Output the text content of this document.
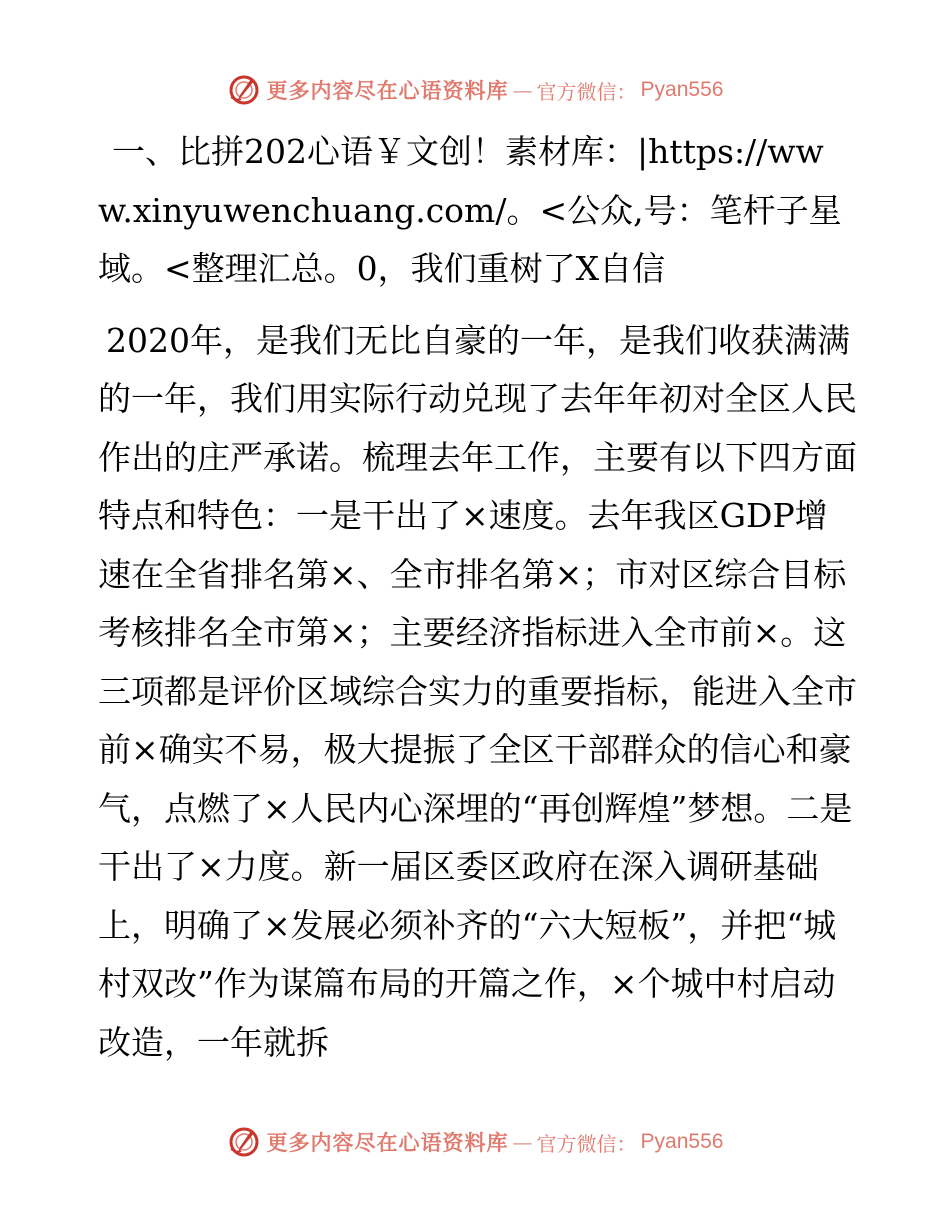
更多内容尽在心语资料库 — 官方微信： Pyan556

一、比拼202心语￥文创！素材库：|https://www.xinyuwenchuang.com/。<公众,号：笔杆子星域。<整理汇总。0，我们重树了X自信

2020年，是我们无比自豪的一年，是我们收获满满的一年，我们用实际行动兑现了去年年初对全区人民作出的庄严承诺。梳理去年工作，主要有以下四方面特点和特色：一是干出了×速度。去年我区GDP增速在全省排名第×、全市排名第×；市对区综合目标考核排名全市第×；主要经济指标进入全市前×。这三项都是评价区域综合实力的重要指标，能进入全市前×确实不易，极大提振了全区干部群众的信心和豪气，点燃了×人民内心深埋的“再创辉煌”梦想。二是干出了×力度。新一届区委区政府在深入调研基础上，明确了×发展必须补齐的“六大短板”，并把“城村双改”作为谋篇布局的开篇之作，×个城中村启动改造，一年就拆

更多内容尽在心语资料库 — 官方微信： Pyan556
